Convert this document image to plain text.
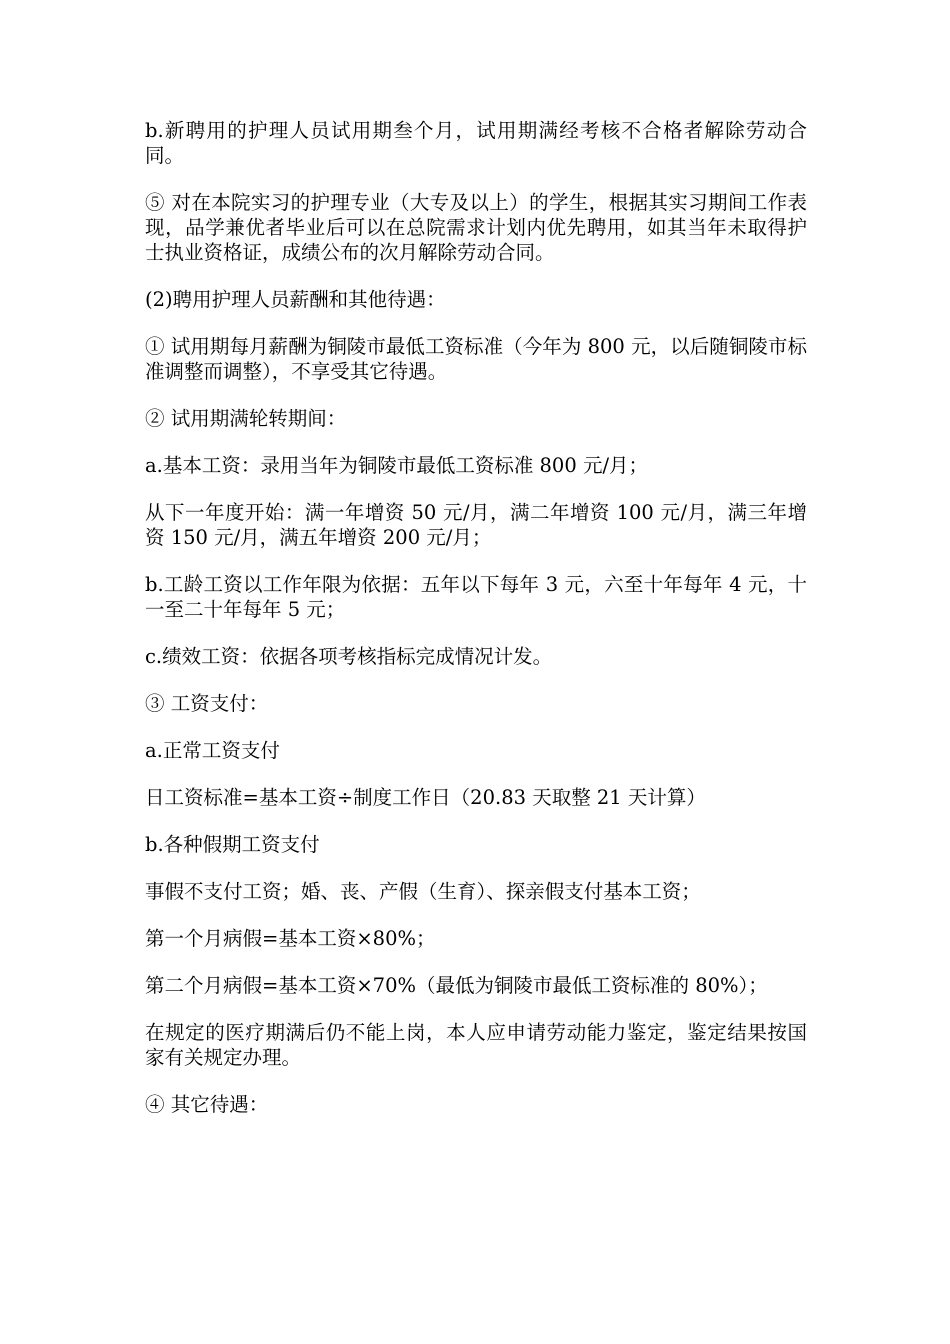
b.新聘用的护理人员试用期叁个月，试用期满经考核不合格者解除劳动合同。

⑤ 对在本院实习的护理专业（大专及以上）的学生，根据其实习期间工作表现，品学兼优者毕业后可以在总院需求计划内优先聘用，如其当年未取得护士执业资格证，成绩公布的次月解除劳动合同。

(2)聘用护理人员薪酬和其他待遇：

① 试用期每月薪酬为铜陵市最低工资标准（今年为 800 元，以后随铜陵市标准调整而调整），不享受其它待遇。

② 试用期满轮转期间：

a.基本工资：录用当年为铜陵市最低工资标准 800 元/月；

从下一年度开始：满一年增资 50 元/月，满二年增资 100 元/月，满三年增资 150 元/月，满五年增资 200 元/月；

b.工龄工资以工作年限为依据：五年以下每年 3 元，六至十年每年 4 元，十一至二十年每年 5 元；

c.绩效工资：依据各项考核指标完成情况计发。

③ 工资支付：

a.正常工资支付

日工资标准=基本工资÷制度工作日（20.83 天取整 21 天计算）

b.各种假期工资支付

事假不支付工资；婚、丧、产假（生育）、探亲假支付基本工资；

第一个月病假=基本工资×80%；

第二个月病假=基本工资×70%（最低为铜陵市最低工资标准的 80%）；

在规定的医疗期满后仍不能上岗，本人应申请劳动能力鉴定，鉴定结果按国家有关规定办理。

④ 其它待遇：
